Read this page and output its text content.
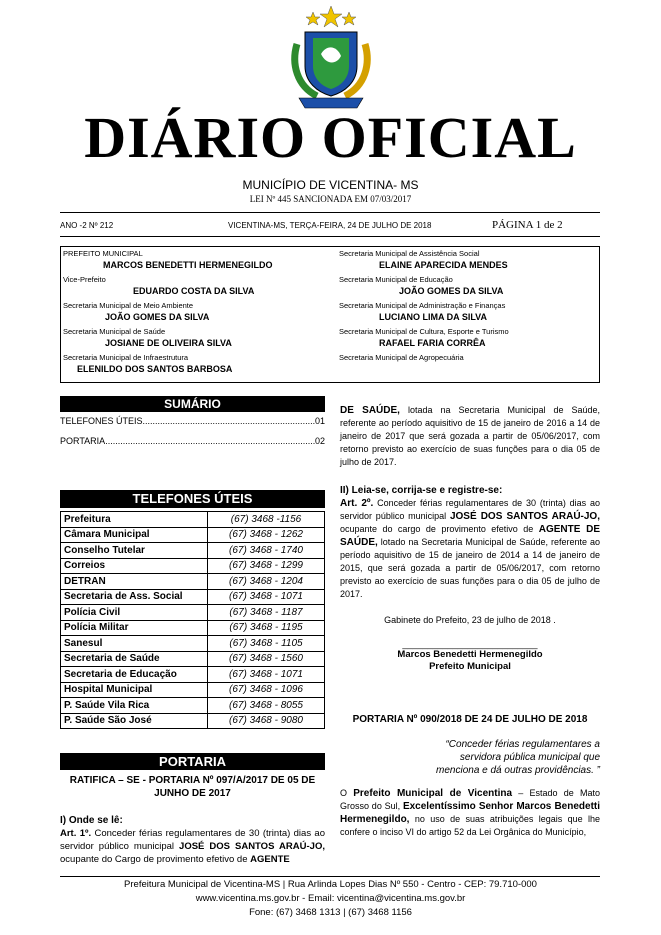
DIÁRIO OFICIAL
MUNICÍPIO DE VICENTINA- MS
LEI Nº 445 SANCIONADA EM 07/03/2017
ANO -2 Nº 212	VICENTINA-MS, TERÇA-FEIRA, 24 DE JULHO DE 2018	PÁGINA 1 de 2
PREFEITO MUNICIPAL
MARCOS BENEDETTI HERMENEGILDO
Vice-Prefeito
EDUARDO COSTA DA SILVA
Secretaria Municipal de Meio Ambiente
JOÃO GOMES DA SILVA
Secretaria Municipal de Saúde
JOSIANE DE OLIVEIRA SILVA
Secretaria Municipal de Infraestrutura
ELENILDO DOS SANTOS BARBOSA
Secretaria Municipal de Assistência Social
ELAINE APARECIDA MENDES
Secretaria Municipal de Educação
JOÃO GOMES DA SILVA
Secretaria Municipal de Administração e Finanças
LUCIANO LIMA DA SILVA
Secretaria Municipal de Cultura, Esporte e Turismo
RAFAEL FARIA CORRÊA
Secretaria Municipal de Agropecuária
SUMÁRIO
TELEFONES ÚTEIS .....	01
PORTARIA .....	02
TELEFONES ÚTEIS
Prefeitura	(67) 3468 -1156
Câmara Municipal	(67) 3468 - 1262
Conselho Tutelar	(67) 3468 - 1740
Correios	(67) 3468 - 1299
DETRAN	(67) 3468 - 1204
Secretaria de Ass. Social	(67) 3468 - 1071
Polícia Civil	(67) 3468 - 1187
Polícia Militar	(67) 3468 - 1195
Sanesul	(67) 3468 - 1105
Secretaria de Saúde	(67) 3468 - 1560
Secretaria de Educação	(67) 3468 - 1071
Hospital Municipal	(67) 3468 - 1096
P. Saúde Vila Rica	(67) 3468 - 8055
P. Saúde São José	(67) 3468 - 9080
PORTARIA
RATIFICA – SE - PORTARIA Nº 097/A/2017 DE 05 DE JUNHO DE 2017
I) Onde se lê:
Art. 1º. Conceder férias regulamentares de 30 (trinta) dias ao servidor público municipal JOSÉ DOS SANTOS ARAÚ-JO, ocupante do Cargo de provimento efetivo de AGENTE
DE SAÚDE, lotada na Secretaria Municipal de Saúde, referente ao período aquisitivo de 15 de janeiro de 2016 a 14 de janeiro de 2017 que será gozada a partir de 05/06/2017, com retorno previsto ao exercício de suas funções para o dia 05 de julho de 2017.
II) Leia-se, corrija-se e registre-se:
Art. 2º. Conceder férias regulamentares de 30 (trinta) dias ao servidor público municipal JOSÉ DOS SANTOS ARAÚ-JO, ocupante do cargo de provimento efetivo de AGENTE DE SAÚDE, lotado na Secretaria Municipal de Saúde, referente ao período aquisitivo de 15 de janeiro de 2014 a 14 de janeiro de 2015, que será gozada a partir de 05/06/2017, com retorno previsto ao exercício de suas funções para o dia 05 de julho de 2017.
Gabinete do Prefeito, 23 de julho de 2018 .
___________________________
Marcos Benedetti Hermenegildo
Prefeito Municipal
PORTARIA Nº 090/2018 DE 24 DE JULHO DE 2018
“Conceder férias regulamentares a servidora pública municipal que menciona e dá outras providências. ”
O Prefeito Municipal de Vicentina – Estado de Mato Grosso do Sul, Excelentíssimo Senhor Marcos Benedetti Hermenegildo, no uso de suas atribuições legais que lhe confere o inciso VI do artigo 52 da Lei Orgânica do Município,
Prefeitura Municipal de Vicentina-MS | Rua Arlinda Lopes Dias Nº 550 - Centro - CEP: 79.710-000
www.vicentina.ms.gov.br - Email: vicentina@vicentina.ms.gov.br
Fone: (67) 3468 1313 | (67) 3468 1156
